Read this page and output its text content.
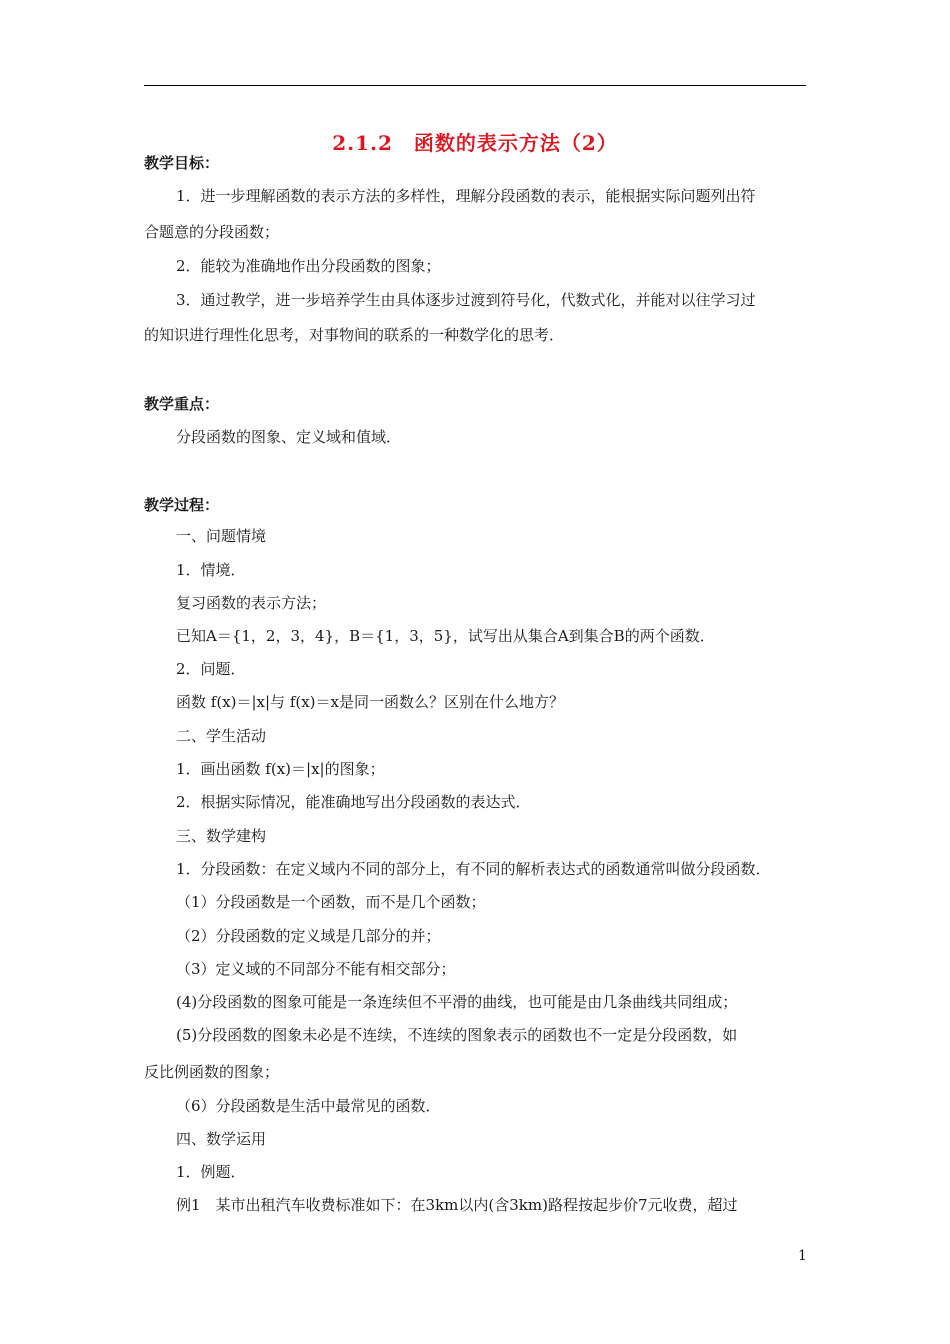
2.1.2　函数的表示方法（2）
教学目标：
1．进一步理解函数的表示方法的多样性，理解分段函数的表示，能根据实际问题列出符
合题意的分段函数；
2．能较为准确地作出分段函数的图象；
3．通过教学，进一步培养学生由具体逐步过渡到符号化，代数式化，并能对以往学习过
的知识进行理性化思考，对事物间的联系的一种数学化的思考．
教学重点：
分段函数的图象、定义域和值域．
教学过程：
一、问题情境
1．情境．
复习函数的表示方法；
已知A＝{1，2，3，4}，B＝{1，3，5}，试写出从集合A到集合B的两个函数．
2．问题．
函数 f(x)＝|x|与 f(x)＝x是同一函数么？区别在什么地方？
二、学生活动
1．画出函数 f(x)＝|x|的图象；
2．根据实际情况，能准确地写出分段函数的表达式．
三、数学建构
1．分段函数：在定义域内不同的部分上，有不同的解析表达式的函数通常叫做分段函数．
（1）分段函数是一个函数，而不是几个函数；
（2）分段函数的定义域是几部分的并；
（3）定义域的不同部分不能有相交部分；
(4)分段函数的图象可能是一条连续但不平滑的曲线，也可能是由几条曲线共同组成；
(5)分段函数的图象未必是不连续，不连续的图象表示的函数也不一定是分段函数，如
反比例函数的图象；
（6）分段函数是生活中最常见的函数．
四、数学运用
1．例题．
例1　某市出租汽车收费标准如下：在3km以内(含3km)路程按起步价7元收费，超过
1
